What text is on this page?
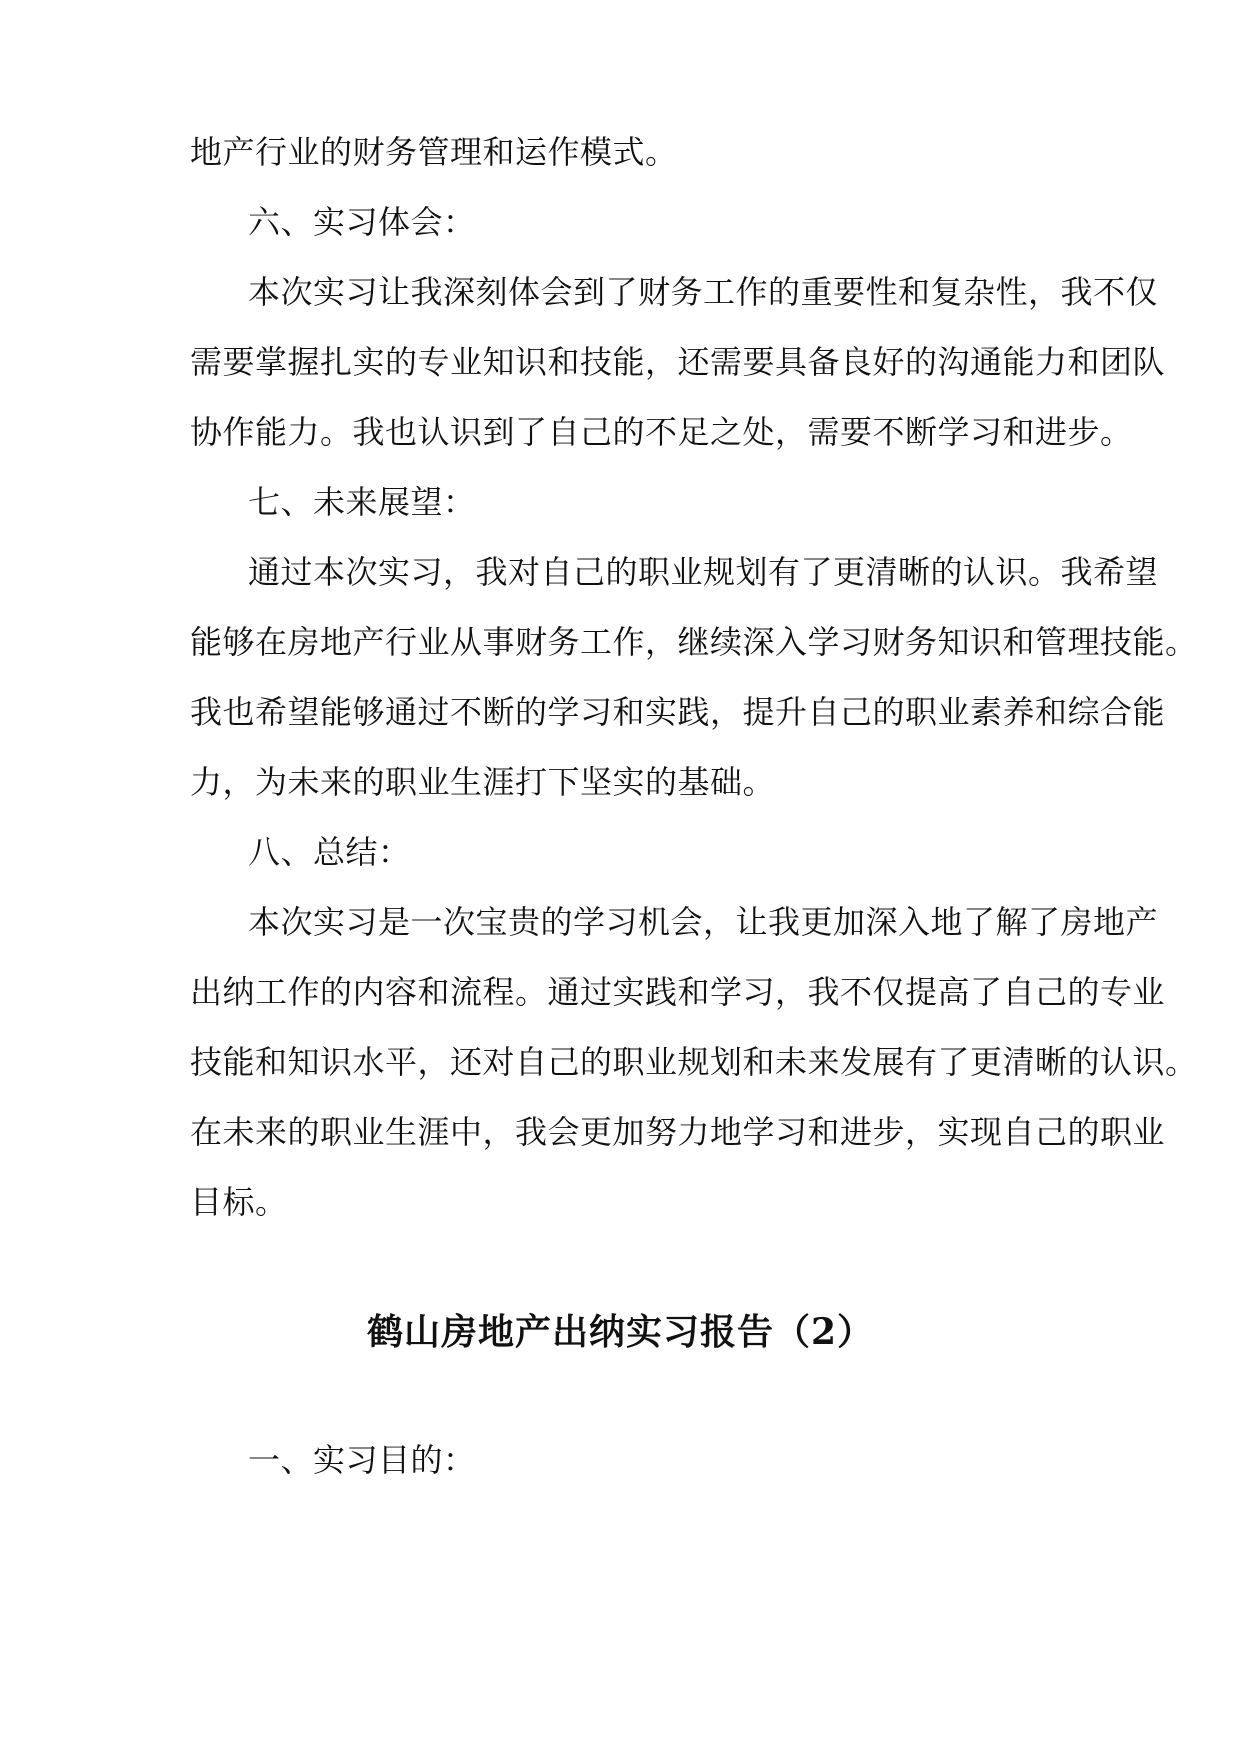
地产行业的财务管理和运作模式。
六、实习体会：
本次实习让我深刻体会到了财务工作的重要性和复杂性，我不仅
需要掌握扎实的专业知识和技能，还需要具备良好的沟通能力和团队
协作能力。我也认识到了自己的不足之处，需要不断学习和进步。
七、未来展望：
通过本次实习，我对自己的职业规划有了更清晰的认识。我希望
能够在房地产行业从事财务工作，继续深入学习财务知识和管理技能。
我也希望能够通过不断的学习和实践，提升自己的职业素养和综合能
力，为未来的职业生涯打下坚实的基础。
八、总结：
本次实习是一次宝贵的学习机会，让我更加深入地了解了房地产
出纳工作的内容和流程。通过实践和学习，我不仅提高了自己的专业
技能和知识水平，还对自己的职业规划和未来发展有了更清晰的认识。
在未来的职业生涯中，我会更加努力地学习和进步，实现自己的职业
目标。
鹤山房地产出纳实习报告（2）
一、实习目的：
